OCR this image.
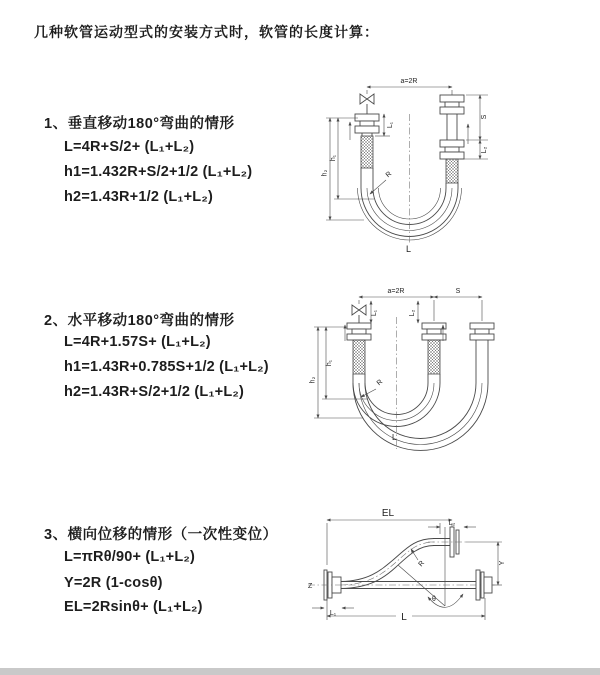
几种软管运动型式的安装方式时，软管的长度计算：
1、垂直移动180°弯曲的情形
L=4R+S/2+ (L₁+L₂)
h1=1.432R+S/2+1/2 (L₁+L₂)
h2=1.43R+1/2 (L₁+L₂)
2、水平移动180°弯曲的情形
L=4R+1.57S+ (L₁+L₂)
h1=1.43R+0.785S+1/2 (L₁+L₂)
h2=1.43R+S/2+1/2 (L₁+L₂)
3、横向位移的情形（一次性变位）
L=πRθ/90+ (L₁+L₂)
Y=2R (1-cosθ)
EL=2Rsinθ+ (L₁+L₂)
a=2R
L₁
h₁
h₂
S
L₂
R
L
a=2R	S
L₁	L₂
h₁
h₂	R
L
EL
L₂
Z
Y
L
L₁
R
θ
